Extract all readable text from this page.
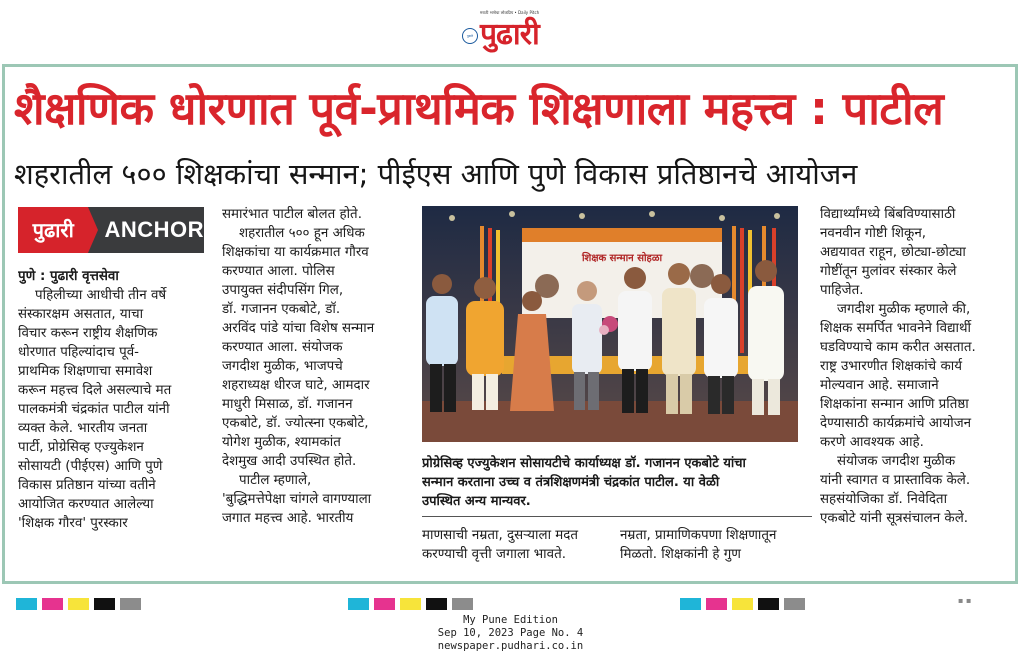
मराठी भाषेचा लोकप्रिय • Daily Pitch
पुढारी पुढारी
शैक्षणिक धोरणात पूर्व-प्राथमिक शिक्षणाला महत्त्व : पाटील
शहरातील ५०० शिक्षकांचा सन्मान; पीईएस आणि पुणे विकास प्रतिष्ठानचे आयोजन
पुढारी	ANCHOR
पुणे : पुढारी वृत्तसेवा
पहिलीच्या आधीची तीन वर्षे
संस्कारक्षम असतात, याचा
विचार करून राष्ट्रीय शैक्षणिक
धोरणात पहिल्यांदाच पूर्व-
प्राथमिक शिक्षणाचा समावेश
करून महत्त्व दिले असल्याचे मत
पालकमंत्री चंद्रकांत पाटील यांनी
व्यक्त केले. भारतीय जनता
पार्टी, प्रोग्रेसिव्ह एज्युकेशन
सोसायटी (पीईएस) आणि पुणे
विकास प्रतिष्ठान यांच्या वतीने
आयोजित करण्यात आलेल्या
'शिक्षक गौरव' पुरस्कार
समारंभात पाटील बोलत होते.
शहरातील ५०० हून अधिक
शिक्षकांचा या कार्यक्रमात गौरव
करण्यात आला. पोलिस
उपायुक्त संदीपसिंग गिल,
डॉ. गजानन एकबोटे, डॉ.
अरविंद पांडे यांचा विशेष सन्मान
करण्यात आला. संयोजक
जगदीश मुळीक, भाजपचे
शहराध्यक्ष धीरज घाटे, आमदार
माधुरी मिसाळ, डॉ. गजानन
एकबोटे, डॉ. ज्योत्स्ना एकबोटे,
योगेश मुळीक, श्यामकांत
देशमुख आदी उपस्थित होते.
पाटील म्हणाले,
'बुद्धिमत्तेपेक्षा चांगले वागण्याला
जगात महत्त्व आहे. भारतीय
शिक्षक सन्मान सोहळा
प्रोग्रेसिव्ह एज्युकेशन सोसायटीचे कार्याध्यक्ष डॉ. गजानन एकबोटे यांचा
सन्मान करताना उच्च व तंत्रशिक्षणमंत्री चंद्रकांत पाटील. या वेळी
उपस्थित अन्य मान्यवर.
माणसाची नम्रता, दुसऱ्याला मदत
करण्याची वृत्ती जगाला भावते.
नम्रता, प्रामाणिकपणा शिक्षणातून
मिळतो. शिक्षकांनी हे गुण
विद्यार्थ्यांमध्ये बिंबविण्यासाठी
नवनवीन गोष्टी शिकून,
अद्ययावत राहून, छोट्या-छोट्या
गोष्टींतून मुलांवर संस्कार केले
पाहिजेत.
जगदीश मुळीक म्हणाले की,
शिक्षक समर्पित भावनेने विद्यार्थी
घडविण्याचे काम करीत असतात.
राष्ट्र उभारणीत शिक्षकांचे कार्य
मोल्यवान आहे. समाजाने
शिक्षकांना सन्मान आणि प्रतिष्ठा
देण्यासाठी कार्यक्रमांचे आयोजन
करणे आवश्यक आहे.
संयोजक जगदीश मुळीक
यांनी स्वागत व प्रास्ताविक केले.
सहसंयोजिका डॉ. निवेदिता
एकबोटे यांनी सूत्रसंचालन केले.
▪ ▪
My Pune Edition
Sep 10, 2023 Page No. 4
newspaper.pudhari.co.in
